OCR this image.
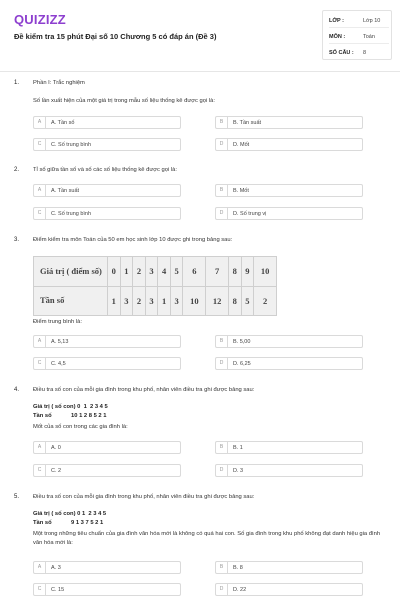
QUIZIZZ
Đề kiểm tra 15 phút Đại số 10 Chương 5 có đáp án (Đề 3)
LỚP :	Lớp 10
MÔN :	Toán
SỐ CÂU : 8
1. Phần I: Trắc nghiệm
Số lần xuất hiện của một giá trị trong mẫu số liệu thống kê được gọi là:
A	A. Tần số	B	B. Tần suất
C	C. Số trung bình	D	D. Mốt
2. Tỉ số giữa tần số và số các số liệu thống kê được gọi là:
A	A. Tần suất	B	B. Mốt
C	C. Số trung bình	D	D. Số trung vị
3. Điểm kiểm tra môn Toán của 50 em học sinh lớp 10 được ghi trong bảng sau:
Giá trị ( điểm số)	0	1	2	3	4	5	6	7	8	9	10
Tần số	1	3	2	3	1	3	10	12	8	5	2
Điểm trung bình là:
A	A. 5,13	B	B. 5,00
C	C. 4,5	D	D. 6,25
4. Điều tra số con của mỗi gia đình trong khu phố, nhân viên điều tra ghi được bảng sau:
Giá trị ( số con) 0  1  2 3 4 5
Tần số            10 1 2 8 5 2 1
Mốt của số con trong các gia đình là:
A	A. 0	B	B. 1
C	C. 2	D	D. 3
5. Điều tra số con của mỗi gia đình trong khu phố, nhân viên điều tra ghi được bảng sau:
Giá trị ( số con) 0 1  2 3 4 5
Tần số            9 1 3 7 5 2 1
Một trong những tiêu chuẩn của gia đình văn hóa mới là không có quá hai con. Số gia đình trong khu phố không đạt danh hiệu gia đình văn hóa mới là:
A	A. 3	B	B. 8
C	C. 15	D	D. 22
